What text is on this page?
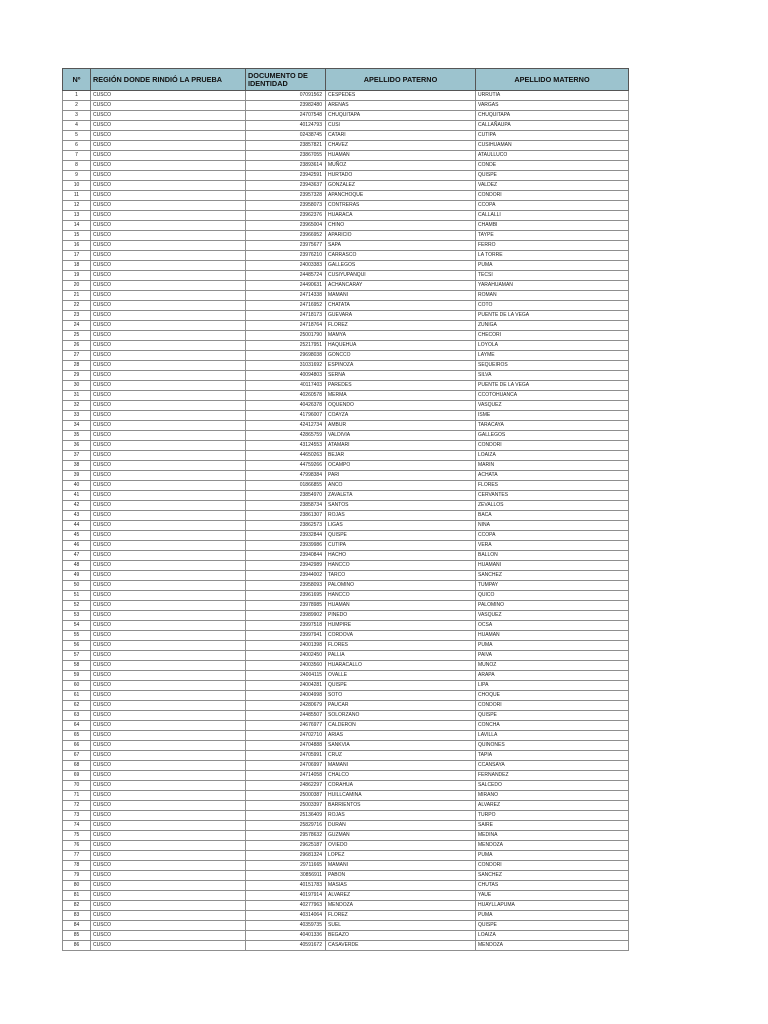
Nº	REGIÓN DONDE RINDIÓ LA PRUEBA	DOCUMENTO DE IDENTIDAD	APELLIDO PATERNO	APELLIDO MATERNO
1	CUSCO	07091562	CESPEDES	URRUTIA
2	CUSCO	23982480	ARENAS	VARGAS
3	CUSCO	24707548	CHUQUITAPA	CHUQUITAPA
4	CUSCO	40124793	CUSI	CALLAÑAUPA
5	CUSCO	02438745	CATARI	CUTIPA
6	CUSCO	23857821	CHAVEZ	CUSIHUAMAN
7	CUSCO	23867055	HUAMAN	ATAULLUCO
8	CUSCO	23893614	MUÑOZ	CONDE
9	CUSCO	23942591	HURTADO	QUISPE
10	CUSCO	23943637	GONZALEZ	VALDEZ
11	CUSCO	23957328	APANCHOQUE	CONDORI
12	CUSCO	23958073	CONTRERAS	CCOPA
13	CUSCO	23962376	HUARACA	CALLALLI
14	CUSCO	23965004	CHINO	CHAMBI
15	CUSCO	23966952	APARICIO	TAYPE
16	CUSCO	23975677	SAPA	FERRO
17	CUSCO	23976210	CARRASCO	LA TORRE
18	CUSCO	24003383	GALLEGOS	PUMA
19	CUSCO	24485724	CUSIYUPANQUI	TECSI
20	CUSCO	24490631	ACHANCARAY	YARAHUAMAN
21	CUSCO	24714338	MAMANI	ROMAN
22	CUSCO	24716952	CHATATA	COTO
23	CUSCO	24718173	GUEVARA	PUENTE DE LA VEGA
24	CUSCO	24718764	FLOREZ	ZUNIGA
25	CUSCO	25001790	MAMYA	CHECORI
26	CUSCO	25217951	HAQUEHUA	LOYOLA
27	CUSCO	29698038	GONCCO	LAYME
28	CUSCO	31031692	ESPINOZA	SEQUEIROS
29	CUSCO	40094803	SERNA	SILVA
30	CUSCO	40117403	PAREDES	PUENTE DE LA VEGA
31	CUSCO	40260578	MERMA	CCOTOHUANCA
32	CUSCO	40426378	OQUENDO	VASQUEZ
33	CUSCO	41796007	COAYZA	ISME
34	CUSCO	42412734	AMBUR	TARACAYA
35	CUSCO	42865759	VALDIVIA	GALLEGOS
36	CUSCO	43124553	ATAMARI	CONDORI
37	CUSCO	44650263	BEJAR	LOAIZA
38	CUSCO	44759266	OCAMPO	MARIN
39	CUSCO	47998384	PARI	ACHATA
40	CUSCO	01866855	ANCO	FLORES
41	CUSCO	23854970	ZAVALETA	CERVANTES
42	CUSCO	23858734	SANTOS	ZEVALLOS
43	CUSCO	23861307	ROJAS	BACA
44	CUSCO	23862573	LIGAS	NINA
45	CUSCO	23932844	QUISPE	CCOPA
46	CUSCO	23939986	CUTIPA	VERA
47	CUSCO	23940844	HACHO	BALLON
48	CUSCO	23942989	HANCCO	HUAMANI
49	CUSCO	23944002	TARCO	SANCHEZ
50	CUSCO	23958093	PALOMINO	TUMPAY
51	CUSCO	23961695	HANCCO	QUICO
52	CUSCO	23978985	HUAMAN	PALOMINO
53	CUSCO	23989902	PINEDO	VASQUEZ
54	CUSCO	23997518	HUMPIRE	OCSA
55	CUSCO	23997941	CORDOVA	HUAMAN
56	CUSCO	24001398	FLORES	PUMA
57	CUSCO	24002450	PALLIA	PAIVA
58	CUSCO	24003560	HUARACALLO	MUNOZ
59	CUSCO	24004115	OVALLE	ARAPA
60	CUSCO	24004281	QUISPE	LIPA
61	CUSCO	24004998	SOTO	CHOQUE
62	CUSCO	24280679	PAUCAR	CONDORI
63	CUSCO	24485507	SOLORZANO	QUISPE
64	CUSCO	24676977	CALDERON	CONCHA
65	CUSCO	24702710	ARIAS	LAVILLA
66	CUSCO	24704888	SANKVIA	QUINONES
67	CUSCO	24705991	CRUZ	TAPIA
68	CUSCO	24706997	MAMANI	CCANSAYA
69	CUSCO	24714058	CHALCO	FERNANDEZ
70	CUSCO	24862297	CORAHUA	SALCEDO
71	CUSCO	25000387	HUILLCAMINA	MIRANO
72	CUSCO	25003397	BARRIENTOS	ALVAREZ
73	CUSCO	25136409	ROJAS	TURPO
74	CUSCO	25829716	DURAN	SAIRE
75	CUSCO	29578632	GUZMAN	MEDINA
76	CUSCO	29625187	OVIEDO	MENDOZA
77	CUSCO	29681324	LOPEZ	PUMA
78	CUSCO	29711665	MAMANI	CONDORI
79	CUSCO	30856911	PABON	SANCHEZ
80	CUSCO	40151783	MASIAS	CHUTAS
81	CUSCO	40197914	ALVAREZ	YAUE
82	CUSCO	40277963	MENDOZA	HUAYLLAPUMA
83	CUSCO	40314064	FLOREZ	PUMA
84	CUSCO	40359735	SUEL	QUISPE
85	CUSCO	40401336	BEGAZO	LOAIZA
86	CUSCO	40591672	CASAVERDE	MENDOZA
